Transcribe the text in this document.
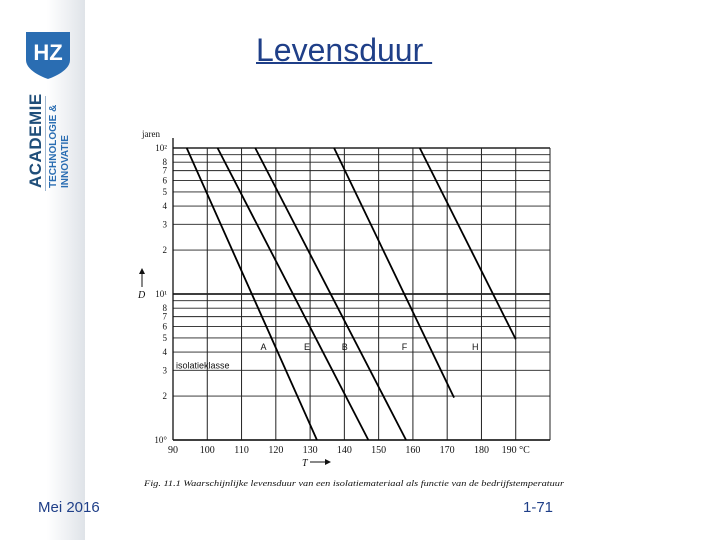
HZ
ACADEMIE TECHNOLOGIE & INNOVATIE
Levensduur
A	E	B	F	H
isolatieklasse
10²
8
7
6
5
4
3
2
10¹
8
7
6
5
4
3
2
10°
90 100 110 120 130 140 150 160 170 180 190 °C
jaren
D
T
Fig. 11.1 Waarschijnlijke levensduur van een isolatiemateriaal als functie van de bedrijfstemperatuur
Mei 2016	1-71
